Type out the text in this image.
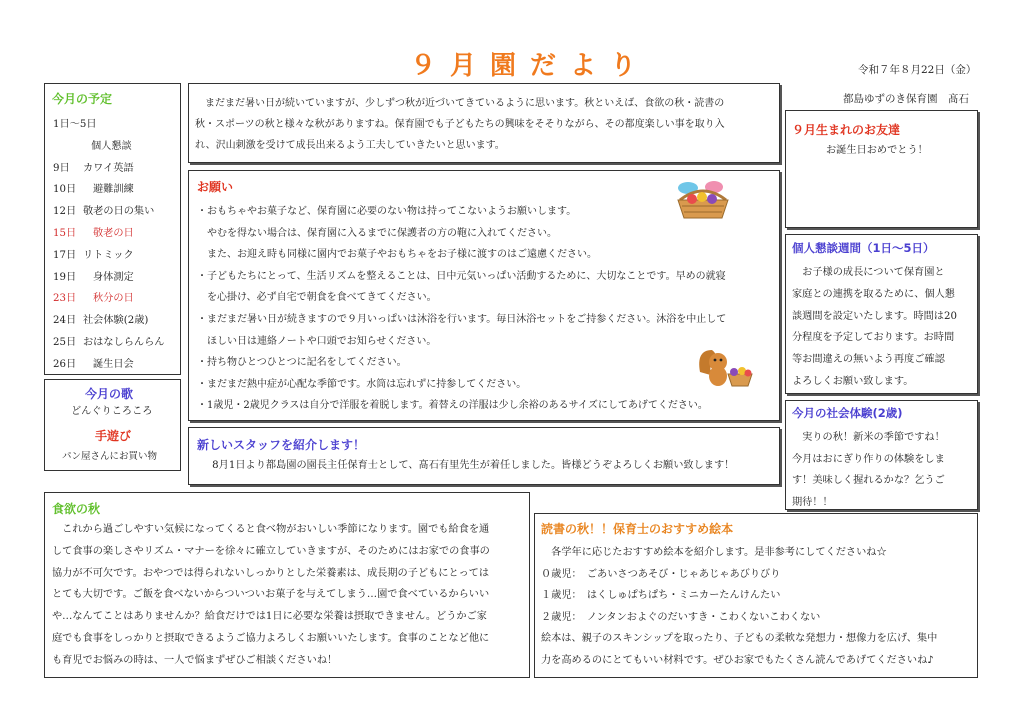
９月園だより	令和７年８月22日（金）
都島ゆずのき保育園　髙石
今月の予定
1日～5日
個人懇談
9日 カワイ英語
10日 避難訓練
12日 敬老の日の集い
15日 敬老の日
17日 リトミック
19日 身体測定
23日 秋分の日
24日 社会体験(2歳)
25日 おはなしらんらん
26日 誕生日会
今月の歌
どんぐりころころ
手遊び
パン屋さんにお買い物
　まだまだ暑い日が続いていますが、少しずつ秋が近づいてきているように思います。秋といえば、食欲の秋・読書の
秋・スポーツの秋と様々な秋がありますね。保育園でも子どもたちの興味をそそりながら、その都度楽しい事を取り入
れ、沢山刺激を受けて成長出来るよう工夫していきたいと思います。
お願い
・おもちゃやお菓子など、保育園に必要のない物は持ってこないようお願いします。
　やむを得ない場合は、保育園に入るまでに保護者の方の鞄に入れてください。
　また、お迎え時も同様に園内でお菓子やおもちゃをお子様に渡すのはご遠慮ください。
・子どもたちにとって、生活リズムを整えることは、日中元気いっぱい活動するために、大切なことです。早めの就寝
　を心掛け、必ず自宅で朝食を食べてきてください。
・まだまだ暑い日が続きますので９月いっぱいは沐浴を行います。毎日沐浴セットをご持参ください。沐浴を中止して
　ほしい日は連絡ノートや口頭でお知らせください。
・持ち物ひとつひとつに記名をしてください。
・まだまだ熱中症が心配な季節です。水筒は忘れずに持参してください。
・1歳児・2歳児クラスは自分で洋服を着脱します。着替えの洋服は少し余裕のあるサイズにしてあげてください。
新しいスタッフを紹介します！
　8月1日より都島園の園長主任保育士として、髙石有里先生が着任しました。皆様どうぞよろしくお願い致します！
９月生まれのお友達
お誕生日おめでとう！
個人懇談週間（1日～5日）
　お子様の成長について保育園と
家庭との連携を取るために、個人懇
談週間を設定いたします。時間は20
分程度を予定しております。お時間
等お間違えの無いよう再度ご確認
よろしくお願い致します。
今月の社会体験(2歳)
　実りの秋！新米の季節ですね！
今月はおにぎり作りの体験をしま
す！美味しく握れるかな？乞うご
期待！！
食欲の秋
　これから過ごしやすい気候になってくると食べ物がおいしい季節になります。園でも給食を通
して食事の楽しさやリズム・マナーを徐々に確立していきますが、そのためにはお家での食事の
協力が不可欠です。おやつでは得られないしっかりとした栄養素は、成長期の子どもにとっては
とても大切です。ご飯を食べないからついついお菓子を与えてしまう…園で食べているからいい
や…なんてことはありませんか？給食だけでは1日に必要な栄養は摂取できません。どうかご家
庭でも食事をしっかりと摂取できるようご協力よろしくお願いいたします。食事のことなど他に
も育児でお悩みの時は、一人で悩まずぜひご相談くださいね！
読書の秋！！保育士のおすすめ絵本
　各学年に応じたおすすめ絵本を紹介します。是非参考にしてくださいね☆
０歳児：　ごあいさつあそび・じゃあじゃあびりびり
１歳児：　はくしゅぱちぱち・ミニカーたんけんたい
２歳児：　ノンタンおよぐのだいすき・こわくないこわくない
絵本は、親子のスキンシップを取ったり、子どもの柔軟な発想力・想像力を広げ、集中
力を高めるのにとてもいい材料です。ぜひお家でもたくさん読んであげてくださいね♪
